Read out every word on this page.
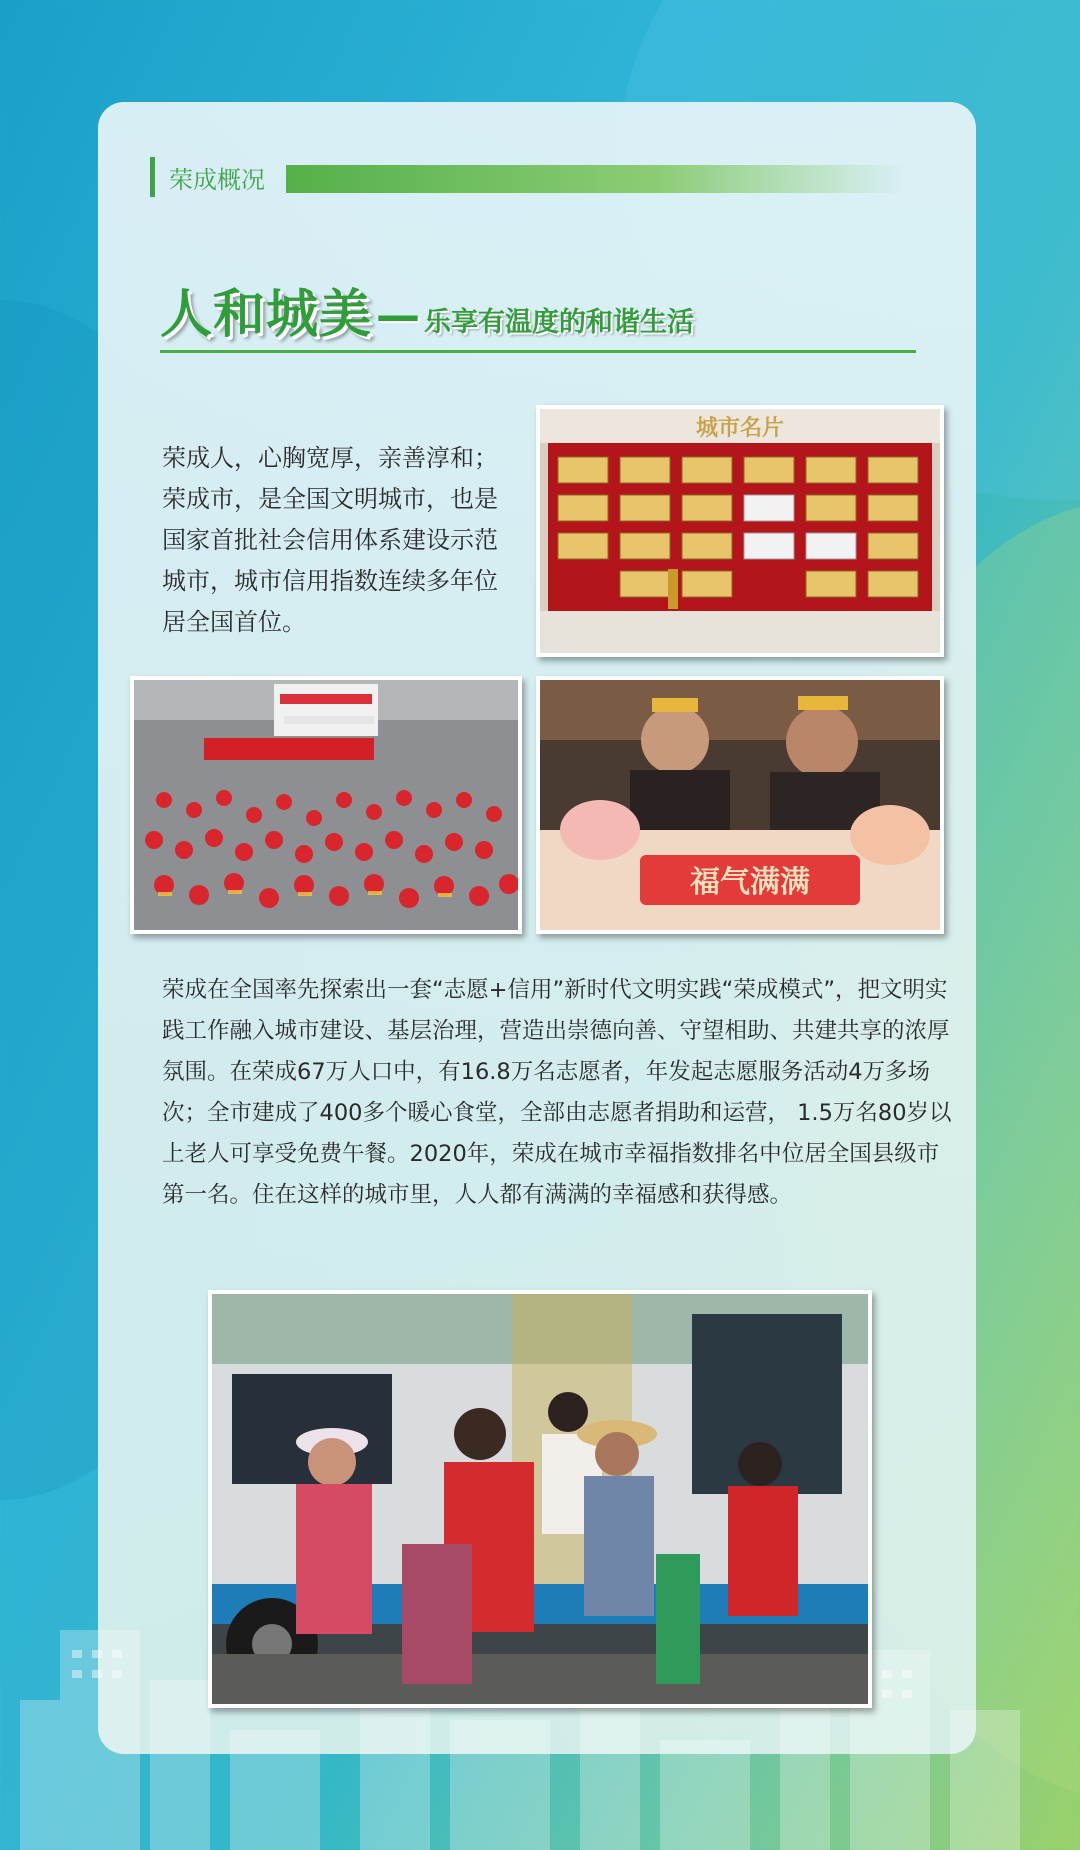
荣成概况
人和城美 — 乐享有温度的和谐生活

荣成人，心胸宽厚，亲善淳和；荣成市，是全国文明城市，也是国家首批社会信用体系建设示范城市，城市信用指数连续多年位居全国首位。

城市名片
福气满满

荣成在全国率先探索出一套“志愿+信用”新时代文明实践“荣成模式”，把文明实践工作融入城市建设、基层治理，营造出崇德向善、守望相助、共建共享的浓厚氛围。在荣成67万人口中，有16.8万名志愿者，年发起志愿服务活动4万多场次；全市建成了400多个暖心食堂，全部由志愿者捐助和运营， 1.5万名80岁以上老人可享受免费午餐。2020年，荣成在城市幸福指数排名中位居全国县级市第一名。住在这样的城市里，人人都有满满的幸福感和获得感。
